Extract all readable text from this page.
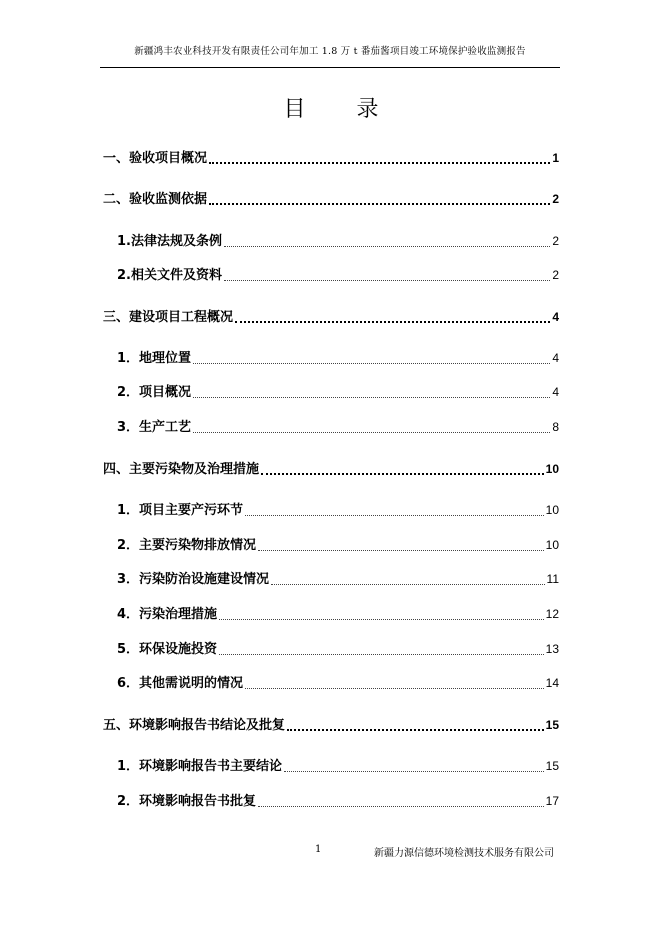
新疆鸿丰农业科技开发有限责任公司年加工 1.8 万 t 番茄酱项目竣工环境保护验收监测报告
目 录
一、验收项目概况	1
二、验收监测依据	2
1.法律法规及条例	2
2.相关文件及资料	2
三、建设项目工程概况	4
1．地理位置	4
2．项目概况	4
3．生产工艺	8
四、主要污染物及治理措施	10
1．项目主要产污环节	10
2．主要污染物排放情况	10
3．污染防治设施建设情况	11
4．污染治理措施	12
5．环保设施投资	13
6．其他需说明的情况	14
五、环境影响报告书结论及批复	15
1．环境影响报告书主要结论	15
2．环境影响报告书批复	17
1	新疆力源信德环境检测技术服务有限公司
